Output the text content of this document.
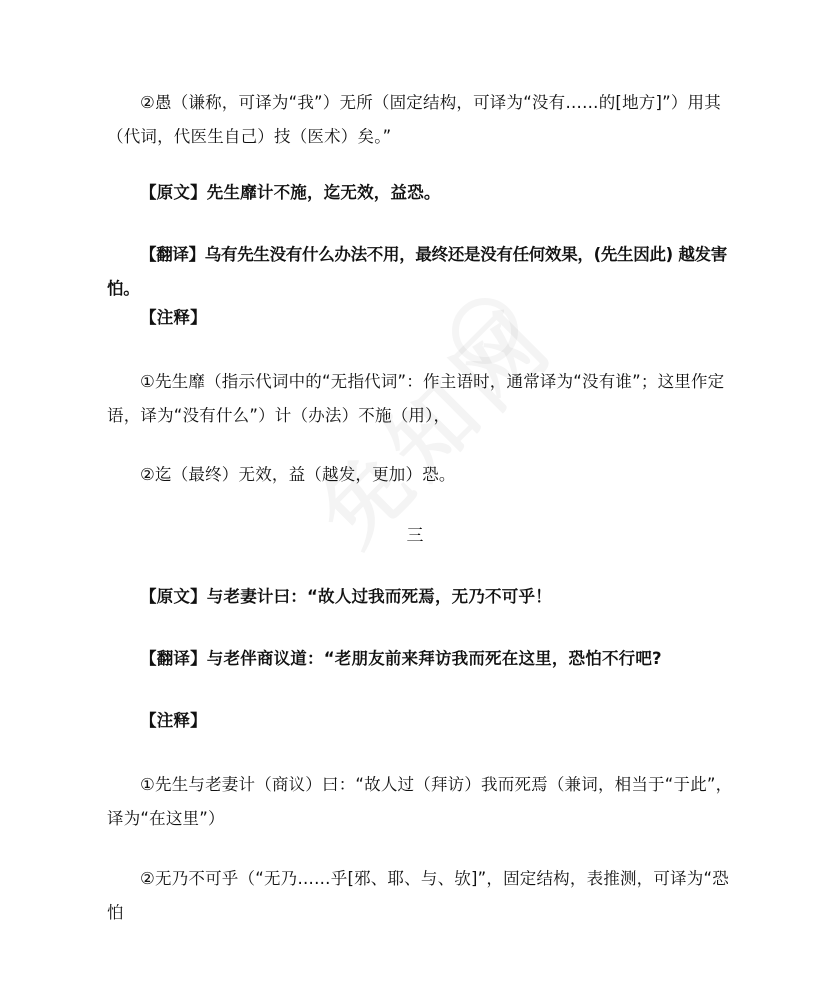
②愚（谦称，可译为“我”）无所（固定结构，可译为“没有……的[地方]”）用其（代词，代医生自己）技（医术）矣。”

【原文】先生靡计不施，迄无效，益恐。

【翻译】乌有先生没有什么办法不用，最终还是没有任何效果，(先生因此) 越发害怕。

【注释】

①先生靡（指示代词中的“无指代词”：作主语时，通常译为“没有谁”；这里作定语，译为“没有什么”）计（办法）不施（用），

②迄（最终）无效，益（越发，更加）恐。

三

【原文】与老妻计曰：“故人过我而死焉，无乃不可乎！

【翻译】与老伴商议道：“老朋友前来拜访我而死在这里，恐怕不行吧?

【注释】

①先生与老妻计（商议）曰：“故人过（拜访）我而死焉（兼词，相当于“于此”，译为“在这里”）

②无乃不可乎（“无乃……乎[邪、耶、与、欤]”，固定结构，表推测，可译为“恐怕
